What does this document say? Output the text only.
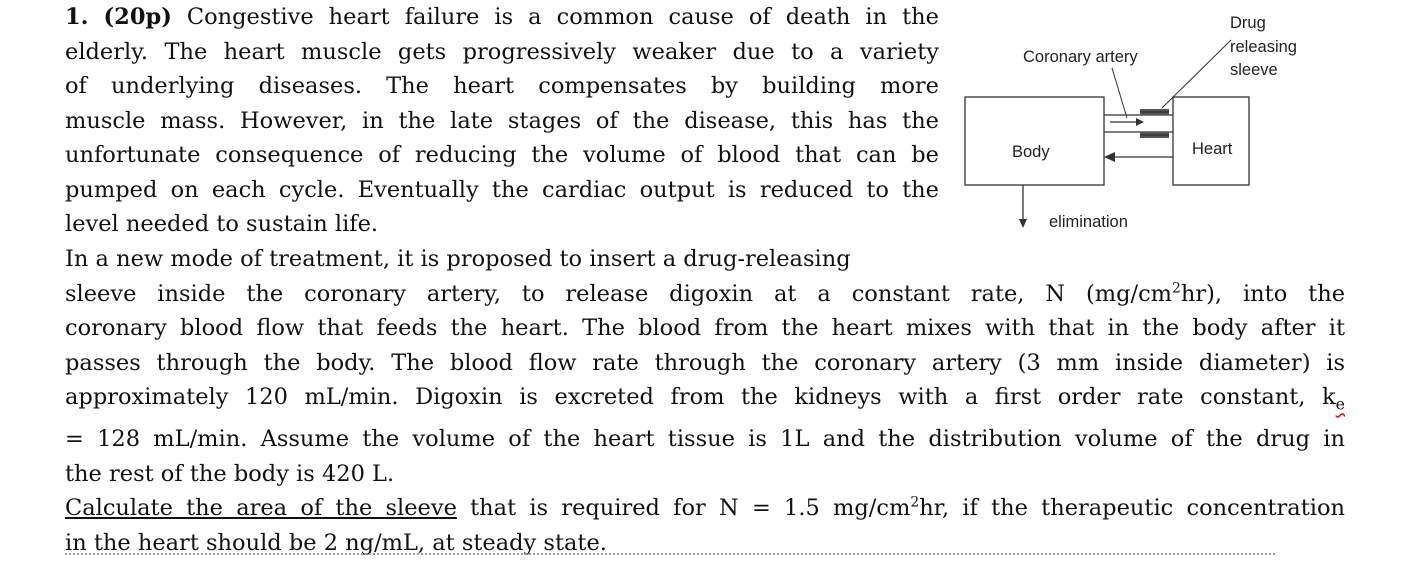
1. (20p) Congestive heart failure is a common cause of death in the
elderly. The heart muscle gets progressively weaker due to a variety
of underlying diseases. The heart compensates by building more
muscle mass. However, in the late stages of the disease, this has the
unfortunate consequence of reducing the volume of blood that can be
pumped on each cycle. Eventually the cardiac output is reduced to the
level needed to sustain life.
Body	Heart
Coronary artery
Drug releasing sleeve
elimination
In a new mode of treatment, it is proposed to insert a drug-releasing
sleeve inside the coronary artery, to release digoxin at a constant rate, N $(mg/cm^2hr)$, into the
coronary blood flow that feeds the heart. The blood from the heart mixes with that in the body after it
passes through the body. The blood flow rate through the coronary artery (3 mm inside diameter) is
approximately 120 mL/min. Digoxin is excreted from the kidneys with a first order rate constant, $k_e$
= 128 mL/min. Assume the volume of the heart tissue is 1L and the distribution volume of the drug in
the rest of the body is 420 L.
Calculate the area of the sleeve that is required for N = 1.5 $mg/cm^2hr$, if the therapeutic concentration
in the heart should be 2 ng/mL, at steady state.
